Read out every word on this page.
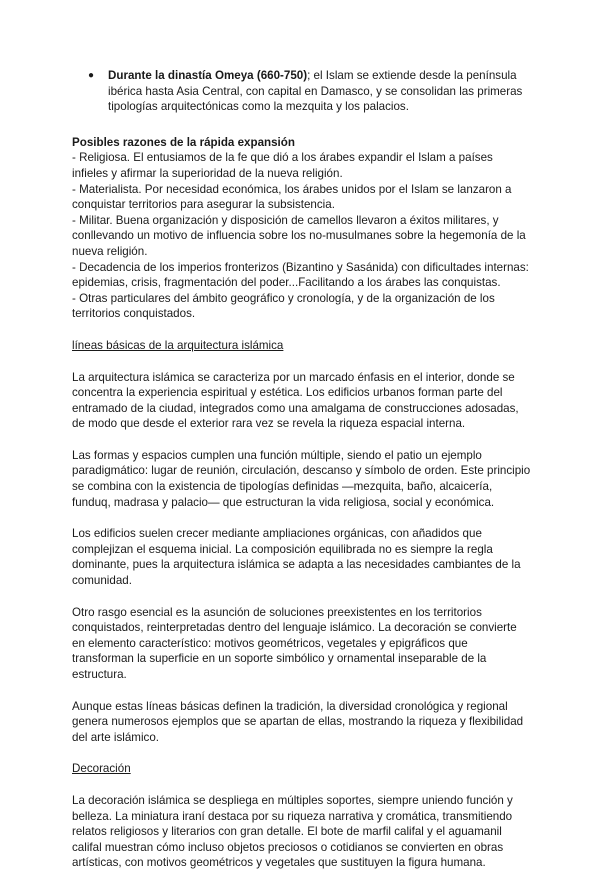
●	Durante la dinastía Omeya (660-750); el Islam se extiende desde la península ibérica hasta Asia Central, con capital en Damasco, y se consolidan las primeras tipologías arquitectónicas como la mezquita y los palacios.

Posibles razones de la rápida expansión

- Religiosa. El entusiamos de la fe que dió a los árabes expandir el Islam a países infieles y afirmar la superioridad de la nueva religión.

- Materialista. Por necesidad económica, los árabes unidos por el Islam se lanzaron a conquistar territorios para asegurar la subsistencia.

- Militar. Buena organización y disposición de camellos llevaron a éxitos militares, y conllevando un motivo de influencia sobre los no-musulmanes sobre la hegemonía de la nueva religión.

- Decadencia de los imperios fronterizos (Bizantino y Sasánida) con dificultades internas: epidemias, crisis, fragmentación del poder...Facilitando a los árabes las conquistas.

- Otras particulares del ámbito geográfico y cronología, y de la organización de los territorios conquistados.

líneas básicas de la arquitectura islámica

La arquitectura islámica se caracteriza por un marcado énfasis en el interior, donde se concentra la experiencia espiritual y estética. Los edificios urbanos forman parte del entramado de la ciudad, integrados como una amalgama de construcciones adosadas, de modo que desde el exterior rara vez se revela la riqueza espacial interna.

Las formas y espacios cumplen una función múltiple, siendo el patio un ejemplo paradigmático: lugar de reunión, circulación, descanso y símbolo de orden. Este principio se combina con la existencia de tipologías definidas —mezquita, baño, alcaicería, funduq, madrasa y palacio— que estructuran la vida religiosa, social y económica.

Los edificios suelen crecer mediante ampliaciones orgánicas, con añadidos que complejizan el esquema inicial. La composición equilibrada no es siempre la regla dominante, pues la arquitectura islámica se adapta a las necesidades cambiantes de la comunidad.

Otro rasgo esencial es la asunción de soluciones preexistentes en los territorios conquistados, reinterpretadas dentro del lenguaje islámico. La decoración se convierte en elemento característico: motivos geométricos, vegetales y epigráficos que transforman la superficie en un soporte simbólico y ornamental inseparable de la estructura.

Aunque estas líneas básicas definen la tradición, la diversidad cronológica y regional genera numerosos ejemplos que se apartan de ellas, mostrando la riqueza y flexibilidad del arte islámico.

Decoración

La decoración islámica se despliega en múltiples soportes, siempre uniendo función y belleza. La miniatura iraní destaca por su riqueza narrativa y cromática, transmitiendo relatos religiosos y literarios con gran detalle. El bote de marfil califal y el aguamanil califal muestran cómo incluso objetos preciosos o cotidianos se convierten en obras artísticas, con motivos geométricos y vegetales que sustituyen la figura humana.
